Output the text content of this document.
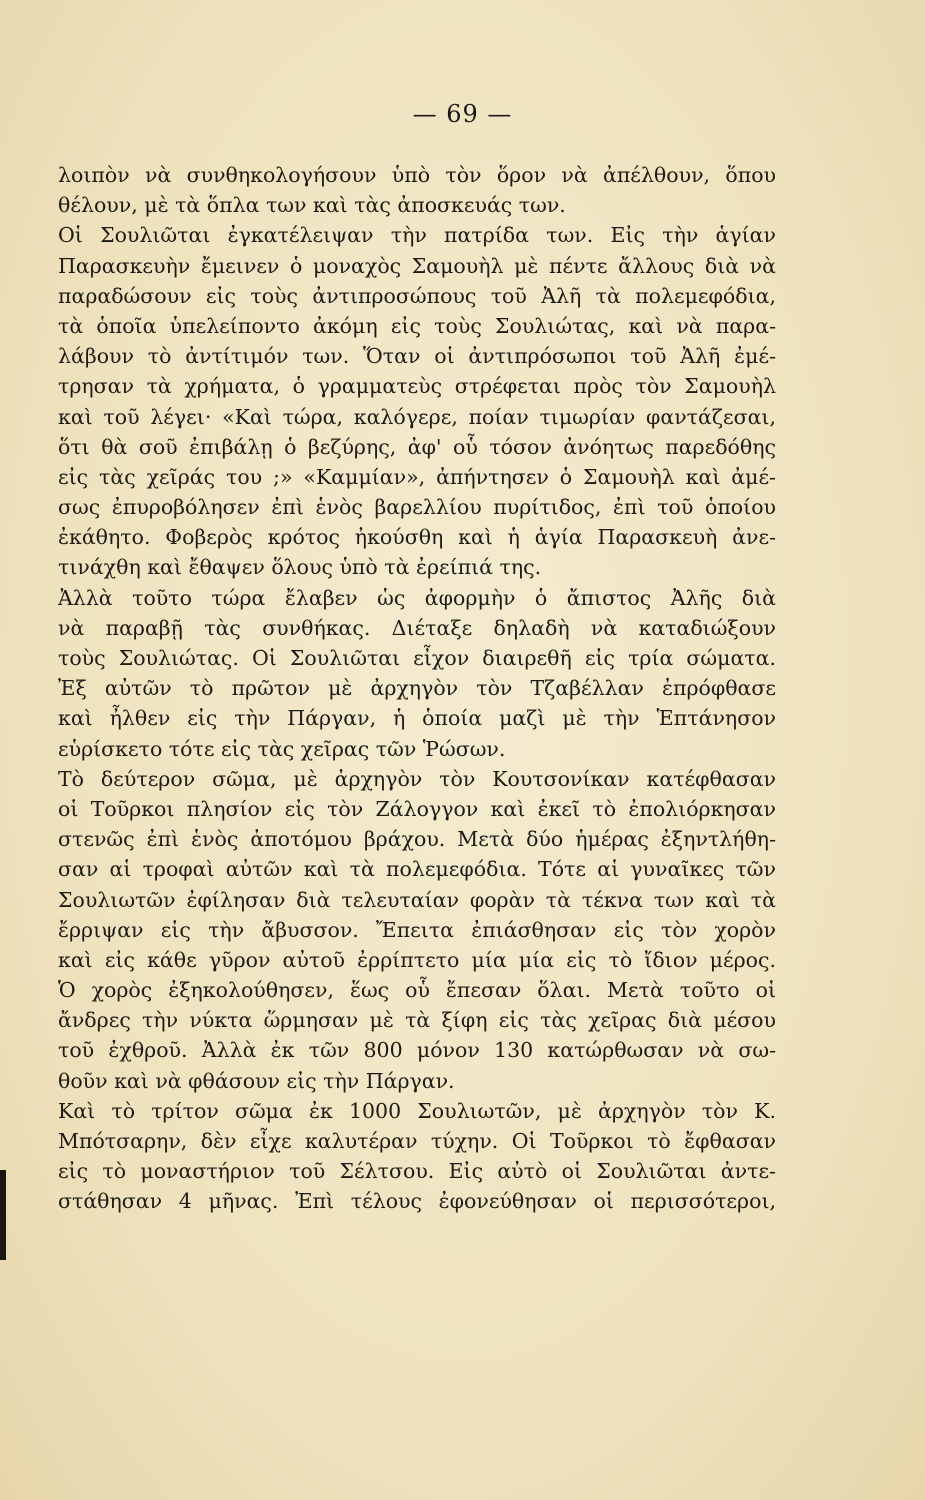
— 69 —
λοιπὸν νὰ συνθηκολογήσουν ὑπὸ τὸν ὅρον νὰ ἀπέλθουν, ὅπου
θέλουν, μὲ τὰ ὅπλα των καὶ τὰς ἀποσκευάς των.
Οἱ Σουλιῶται ἐγκατέλειψαν τὴν πατρίδα των. Εἰς τὴν ἁγίαν
Παρασκευὴν ἔμεινεν ὁ μοναχὸς Σαμουὴλ μὲ πέντε ἄλλους διὰ νὰ
παραδώσουν εἰς τοὺς ἀντιπροσώπους τοῦ Ἀλῆ τὰ πολεμεφόδια,
τὰ ὁποῖα ὑπελείποντο ἀκόμη εἰς τοὺς Σουλιώτας, καὶ νὰ παρα-
λάβουν τὸ ἀντίτιμόν των. Ὅταν οἱ ἀντιπρόσωποι τοῦ Ἀλῆ ἐμέ-
τρησαν τὰ χρήματα, ὁ γραμματεὺς στρέφεται πρὸς τὸν Σαμουὴλ
καὶ τοῦ λέγει· «Καὶ τώρα, καλόγερε, ποίαν τιμωρίαν φαντάζεσαι,
ὅτι θὰ σοῦ ἐπιβάλῃ ὁ βεζύρης, ἀφ' οὗ τόσον ἀνόητως παρεδόθης
εἰς τὰς χεῖράς του ;» «Καμμίαν», ἀπήντησεν ὁ Σαμουὴλ καὶ ἀμέ-
σως ἐπυροβόλησεν ἐπὶ ἑνὸς βαρελλίου πυρίτιδος, ἐπὶ τοῦ ὁποίου
ἐκάθητο. Φοβερὸς κρότος ἠκούσθη καὶ ἡ ἁγία Παρασκευὴ ἀνε-
τινάχθη καὶ ἔθαψεν ὅλους ὑπὸ τὰ ἐρείπιά της.
Ἀλλὰ τοῦτο τώρα ἔλαβεν ὡς ἀφορμὴν ὁ ἄπιστος Ἀλῆς διὰ
νὰ παραβῇ τὰς συνθήκας. Διέταξε δηλαδὴ νὰ καταδιώξουν
τοὺς Σουλιώτας. Οἱ Σουλιῶται εἶχον διαιρεθῆ εἰς τρία σώματα.
Ἐξ αὐτῶν τὸ πρῶτον μὲ ἀρχηγὸν τὸν Τζαβέλλαν ἐπρόφθασε
καὶ ἦλθεν εἰς τὴν Πάργαν, ἡ ὁποία μαζὶ μὲ τὴν Ἑπτάνησον
εὑρίσκετο τότε εἰς τὰς χεῖρας τῶν Ῥώσων.
Τὸ δεύτερον σῶμα, μὲ ἀρχηγὸν τὸν Κουτσονίκαν κατέφθασαν
οἱ Τοῦρκοι πλησίον εἰς τὸν Ζάλογγον καὶ ἐκεῖ τὸ ἐπολιόρκησαν
στενῶς ἐπὶ ἑνὸς ἀποτόμου βράχου. Μετὰ δύο ἡμέρας ἐξηντλήθη-
σαν αἱ τροφαὶ αὐτῶν καὶ τὰ πολεμεφόδια. Τότε αἱ γυναῖκες τῶν
Σουλιωτῶν ἐφίλησαν διὰ τελευταίαν φορὰν τὰ τέκνα των καὶ τὰ
ἔρριψαν εἰς τὴν ἄβυσσον. Ἔπειτα ἐπιάσθησαν εἰς τὸν χορὸν
καὶ εἰς κάθε γῦρον αὐτοῦ ἐρρίπτετο μία μία εἰς τὸ ἴδιον μέρος.
Ὁ χορὸς ἐξηκολούθησεν, ἕως οὗ ἔπεσαν ὅλαι. Μετὰ τοῦτο οἱ
ἄνδρες τὴν νύκτα ὥρμησαν μὲ τὰ ξίφη εἰς τὰς χεῖρας διὰ μέσου
τοῦ ἐχθροῦ. Ἀλλὰ ἐκ τῶν 800 μόνον 130 κατώρθωσαν νὰ σω-
θοῦν καὶ νὰ φθάσουν εἰς τὴν Πάργαν.
Καὶ τὸ τρίτον σῶμα ἐκ 1000 Σουλιωτῶν, μὲ ἀρχηγὸν τὸν Κ.
Μπότσαρην, δὲν εἶχε καλυτέραν τύχην. Οἱ Τοῦρκοι τὸ ἔφθασαν
εἰς τὸ μοναστήριον τοῦ Σέλτσου. Εἰς αὐτὸ οἱ Σουλιῶται ἀντε-
στάθησαν 4 μῆνας. Ἐπὶ τέλους ἐφονεύθησαν οἱ περισσότεροι,
